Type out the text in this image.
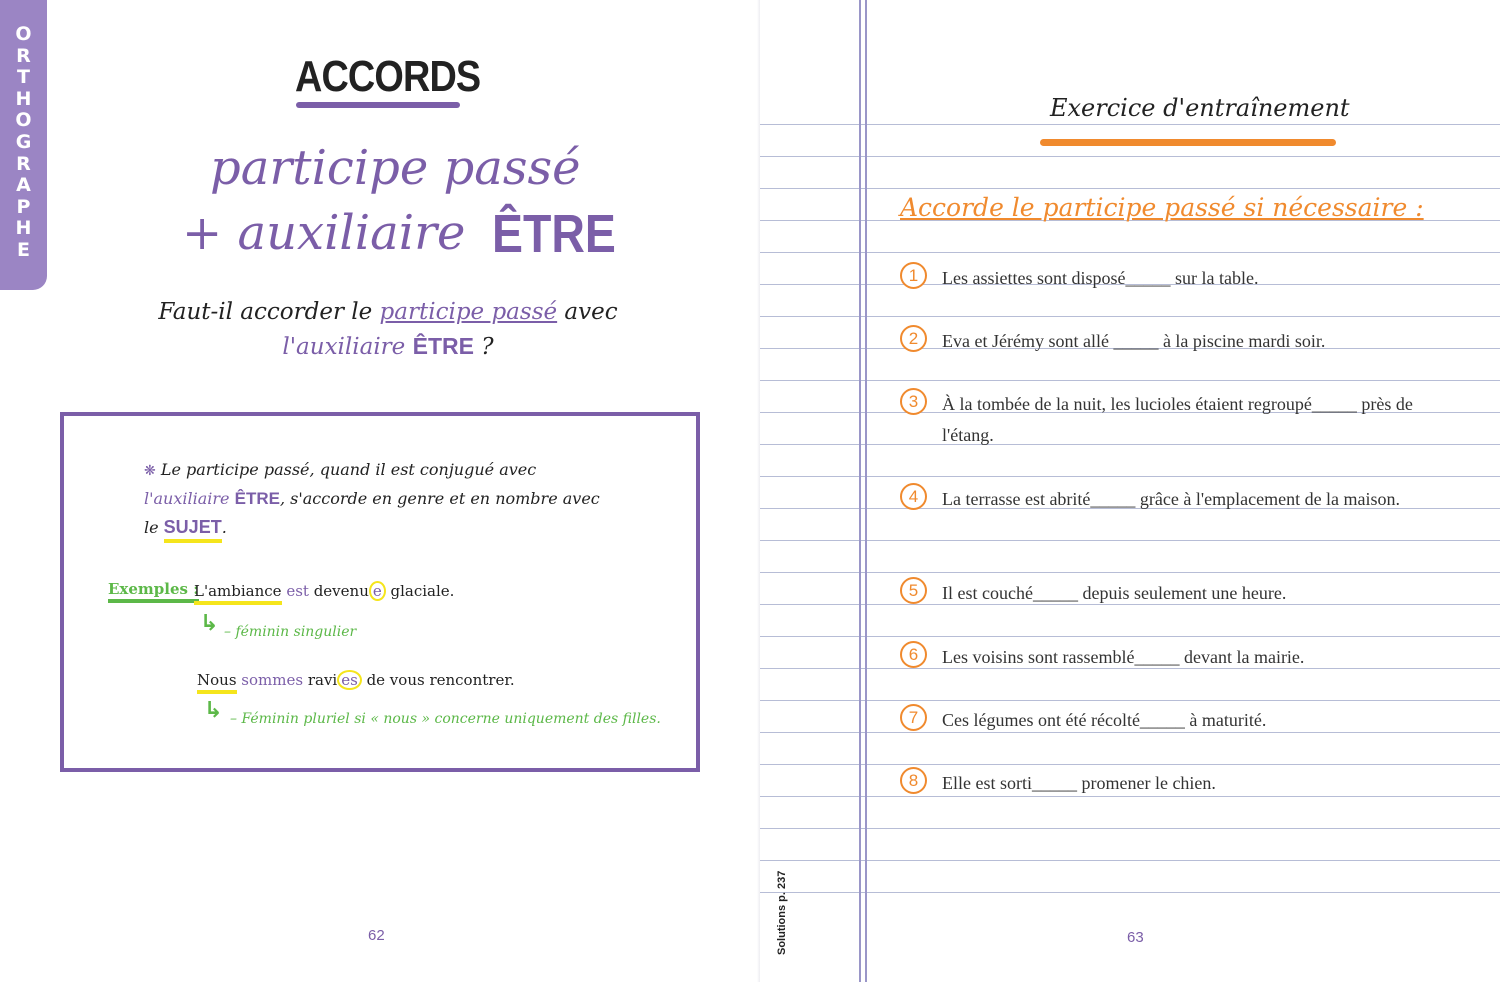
O
R
T
H
O
G
R
A
P
H
E
ACCORDS
participe passé
+ auxiliaire ÊTRE
Faut-il accorder le participe passé avec
l'auxiliaire ÊTRE ?
❋ Le participe passé, quand il est conjugué avec
l'auxiliaire ÊTRE, s'accorde en genre et en nombre avec
le SUJET.
Exemples :
L'ambiance est devenu e glaciale.
↳ – féminin singulier
Nous sommes ravi es de vous rencontrer.
↳ – Féminin pluriel si « nous » concerne uniquement des filles.
62
Exercice d'entraînement
Accorde le participe passé si nécessaire :
1	Les assiettes sont disposé_____ sur la table.
2	Eva et Jérémy sont allé _____ à la piscine mardi soir.
3	À la tombée de la nuit, les lucioles étaient regroupé_____ près de l'étang.
4	La terrasse est abrité_____ grâce à l'emplacement de la maison.
5	Il est couché_____ depuis seulement une heure.
6	Les voisins sont rassemblé_____ devant la mairie.
7	Ces légumes ont été récolté_____ à maturité.
8	Elle est sorti_____ promener le chien.
Solutions p. 237	63
